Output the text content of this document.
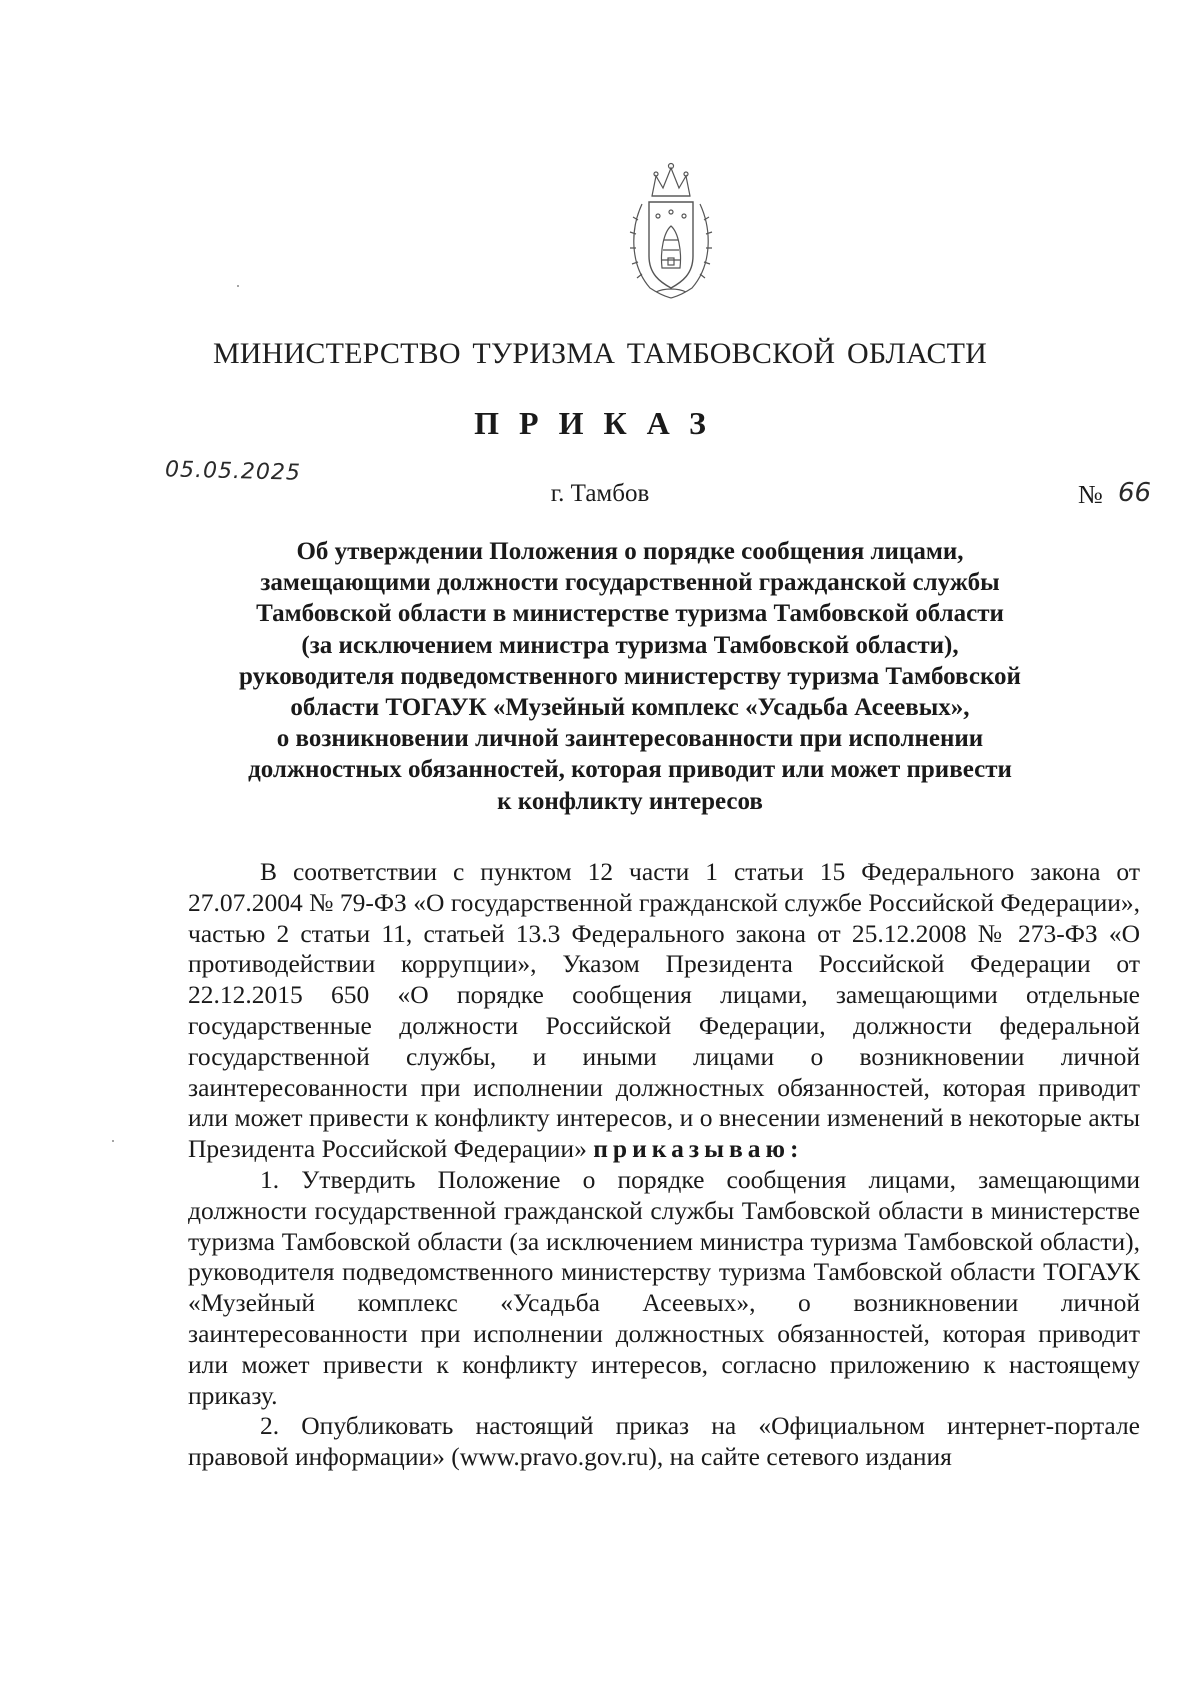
МИНИСТЕРСТВО ТУРИЗМА ТАМБОВСКОЙ ОБЛАСТИ
ПРИКАЗ
05.05.2025
г. Тамбов	№ 66
Об утверждении Положения о порядке сообщения лицами,
замещающими должности государственной гражданской службы
Тамбовской области в министерстве туризма Тамбовской области
(за исключением министра туризма Тамбовской области),
руководителя подведомственного министерству туризма Тамбовской
области ТОГАУК «Музейный комплекс «Усадьба Асеевых»,
о возникновении личной заинтересованности при исполнении
должностных обязанностей, которая приводит или может привести
к конфликту интересов

В соответствии с пунктом 12 части 1 статьи 15 Федерального закона от 27.07.2004 № 79-ФЗ «О государственной гражданской службе Российской Федерации», частью 2 статьи 11, статьей 13.3 Федерального закона от 25.12.2008 № 273-ФЗ «О противодействии коррупции», Указом Президента Российской Федерации от 22.12.2015 650 «О порядке сообщения лицами, замещающими отдельные государственные должности Российской Федерации, должности федеральной государственной службы, и иными лицами о возникновении личной заинтересованности при исполнении должностных обязанностей, которая приводит или может привести к конфликту интересов, и о внесении изменений в некоторые акты Президента Российской Федерации» приказываю:

1. Утвердить Положение о порядке сообщения лицами, замещающими должности государственной гражданской службы Тамбовской области в министерстве туризма Тамбовской области (за исключением министра туризма Тамбовской области), руководителя подведомственного министерству туризма Тамбовской области ТОГАУК «Музейный комплекс «Усадьба Асеевых», о возникновении личной заинтересованности при исполнении должностных обязанностей, которая приводит или может привести к конфликту интересов, согласно приложению к настоящему приказу.

2. Опубликовать настоящий приказ на «Официальном интернет-портале правовой информации» (www.pravo.gov.ru), на сайте сетевого издания
